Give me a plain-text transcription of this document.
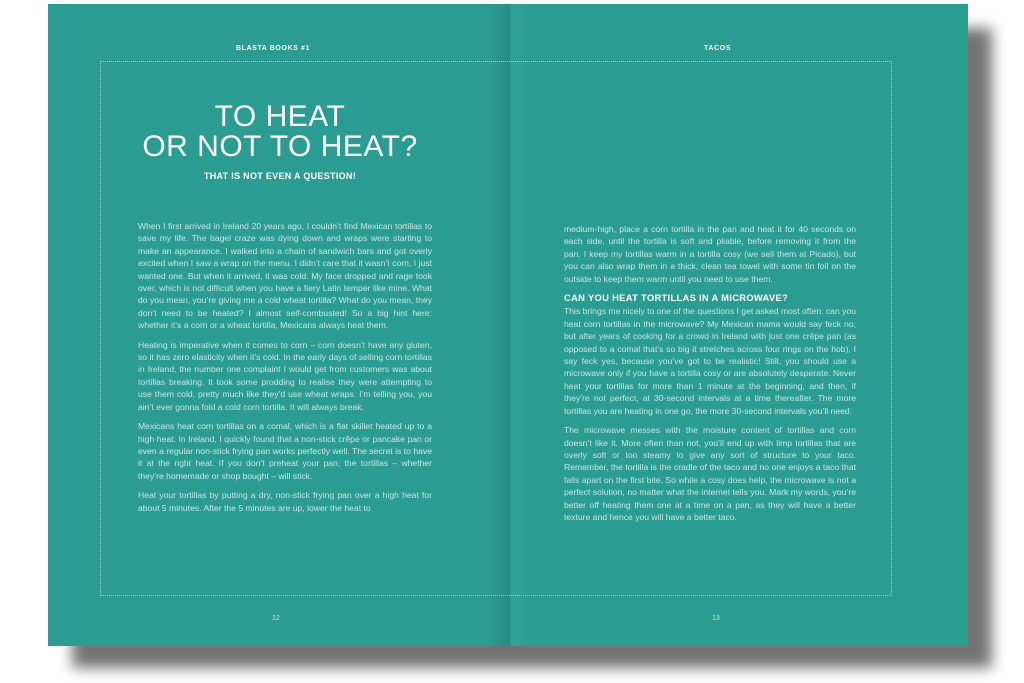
BLASTA BOOKS #1	TACOS
TO HEAT
OR NOT TO HEAT?
THAT IS NOT EVEN A QUESTION!

When I first arrived in Ireland 20 years ago, I couldn’t find Mexican tortillas to save my life. The bagel craze was dying down and wraps were starting to make an appearance. I walked into a chain of sandwich bars and got overly excited when I saw a wrap on the menu. I didn’t care that it wasn’t corn, I just wanted one. But when it arrived, it was cold. My face dropped and rage took over, which is not difficult when you have a fiery Latin temper like mine. What do you mean, you’re giving me a cold wheat tortilla? What do you mean, they don’t need to be heated? I almost self-combusted! So a big hint here: whether it’s a corn or a wheat tortilla, Mexicans always heat them.

Heating is imperative when it comes to corn – corn doesn’t have any gluten, so it has zero elasticity when it’s cold. In the early days of selling corn tortillas in Ireland, the number one complaint I would get from customers was about tortillas breaking. It took some prodding to realise they were attempting to use them cold, pretty much like they’d use wheat wraps. I’m telling you, you ain’t ever gonna fold a cold corn tortilla. It will always break.

Mexicans heat corn tortillas on a comal, which is a flat skillet heated up to a high heat. In Ireland, I quickly found that a non-stick crêpe or pancake pan or even a regular non-stick frying pan works perfectly well. The secret is to have it at the right heat. If you don’t preheat your pan, the tortillas – whether they’re homemade or shop bought – will stick.

Heat your tortillas by putting a dry, non-stick frying pan over a high heat for about 5 minutes. After the 5 minutes are up, lower the heat to

medium-high, place a corn tortilla in the pan and heat it for 40 seconds on each side, until the tortilla is soft and pliable, before removing it from the pan. I keep my tortillas warm in a tortilla cosy (we sell them at Picado), but you can also wrap them in a thick, clean tea towel with some tin foil on the outside to keep them warm until you need to use them.

CAN YOU HEAT TORTILLAS IN A MICROWAVE?

This brings me nicely to one of the questions I get asked most often: can you heat corn tortillas in the microwave? My Mexican mama would say feck no, but after years of cooking for a crowd in Ireland with just one crêpe pan (as opposed to a comal that’s so big it stretches across four rings on the hob), I say feck yes, because you’ve got to be realistic! Still, you should use a microwave only if you have a tortilla cosy or are absolutely desperate. Never heat your tortillas for more than 1 minute at the beginning, and then, if they’re not perfect, at 30-second intervals at a time thereafter. The more tortillas you are heating in one go, the more 30-second intervals you’ll need.

The microwave messes with the moisture content of tortillas and corn doesn’t like it. More often than not, you’ll end up with limp tortillas that are overly soft or too steamy to give any sort of structure to your taco. Remember, the tortilla is the cradle of the taco and no one enjoys a taco that falls apart on the first bite. So while a cosy does help, the microwave is not a perfect solution, no matter what the internet tells you. Mark my words, you’re better off heating them one at a time on a pan, as they will have a better texture and hence you will have a better taco.

12	13
